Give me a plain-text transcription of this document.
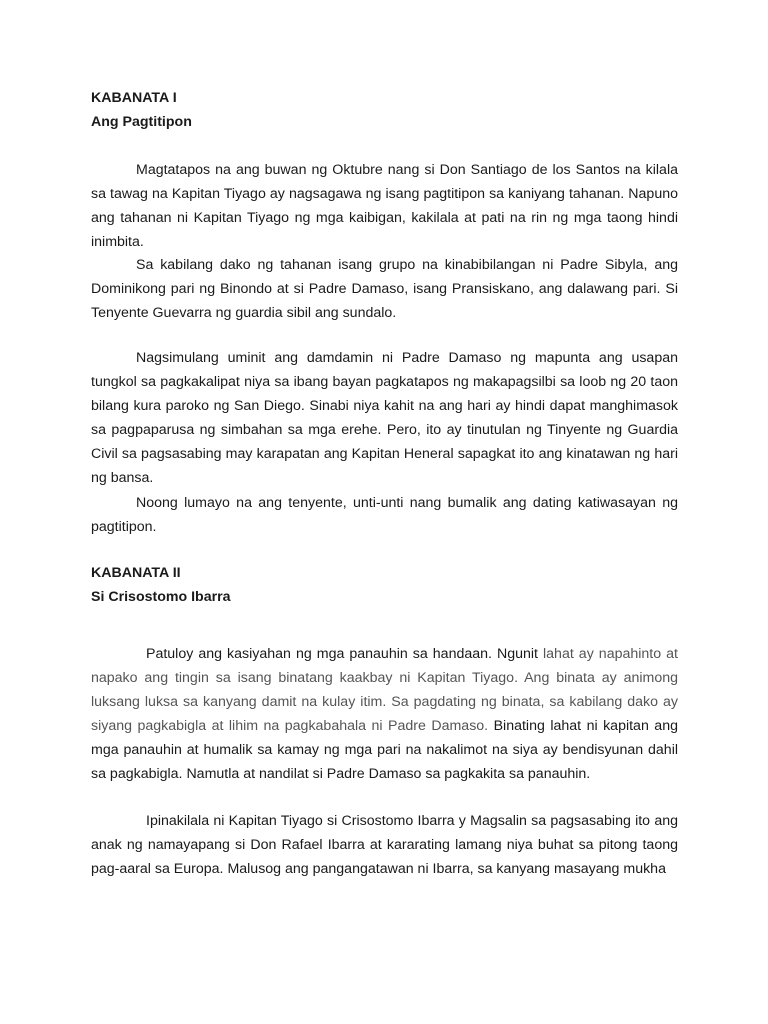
KABANATA I
Ang Pagtitipon

Magtatapos na ang buwan ng Oktubre nang si Don Santiago de los Santos na kilala sa tawag na Kapitan Tiyago ay nagsagawa ng isang pagtitipon sa kaniyang tahanan. Napuno ang tahanan ni Kapitan Tiyago ng mga kaibigan, kakilala at pati na rin ng mga taong hindi inimbita.

Sa kabilang dako ng tahanan isang grupo na kinabibilangan ni Padre Sibyla, ang Dominikong pari ng Binondo at si Padre Damaso, isang Pransiskano, ang dalawang pari. Si Tenyente Guevarra ng guardia sibil ang sundalo.

Nagsimulang uminit ang damdamin ni Padre Damaso ng mapunta ang usapan tungkol sa pagkakalipat niya sa ibang bayan pagkatapos ng makapagsilbi sa loob ng 20 taon bilang kura paroko ng San Diego. Sinabi niya kahit na ang hari ay hindi dapat manghimasok sa pagpaparusa ng simbahan sa mga erehe. Pero, ito ay tinutulan ng Tinyente ng Guardia Civil sa pagsasabing may karapatan ang Kapitan Heneral sapagkat ito ang kinatawan ng hari ng bansa.

Noong lumayo na ang tenyente, unti-unti nang bumalik ang dating katiwasayan ng pagtitipon.

KABANATA II
Si Crisostomo Ibarra

Patuloy ang kasiyahan ng mga panauhin sa handaan. Ngunit lahat ay napahinto at napako ang tingin sa isang binatang kaakbay ni Kapitan Tiyago. Ang binata ay animong luksang luksa sa kanyang damit na kulay itim. Sa pagdating ng binata, sa kabilang dako ay siyang pagkabigla at lihim na pagkabahala ni Padre Damaso. Binating lahat ni kapitan ang mga panauhin at humalik sa kamay ng mga pari na nakalimot na siya ay bendisyunan dahil sa pagkabigla. Namutla at nandilat si Padre Damaso sa pagkakita sa panauhin.

Ipinakilala ni Kapitan Tiyago si Crisostomo Ibarra y Magsalin sa pagsasabing ito ang anak ng namayapang si Don Rafael Ibarra at kararating lamang niya buhat sa pitong taong pag-aaral sa Europa. Malusog ang pangangatawan ni Ibarra, sa kanyang masayang mukha
